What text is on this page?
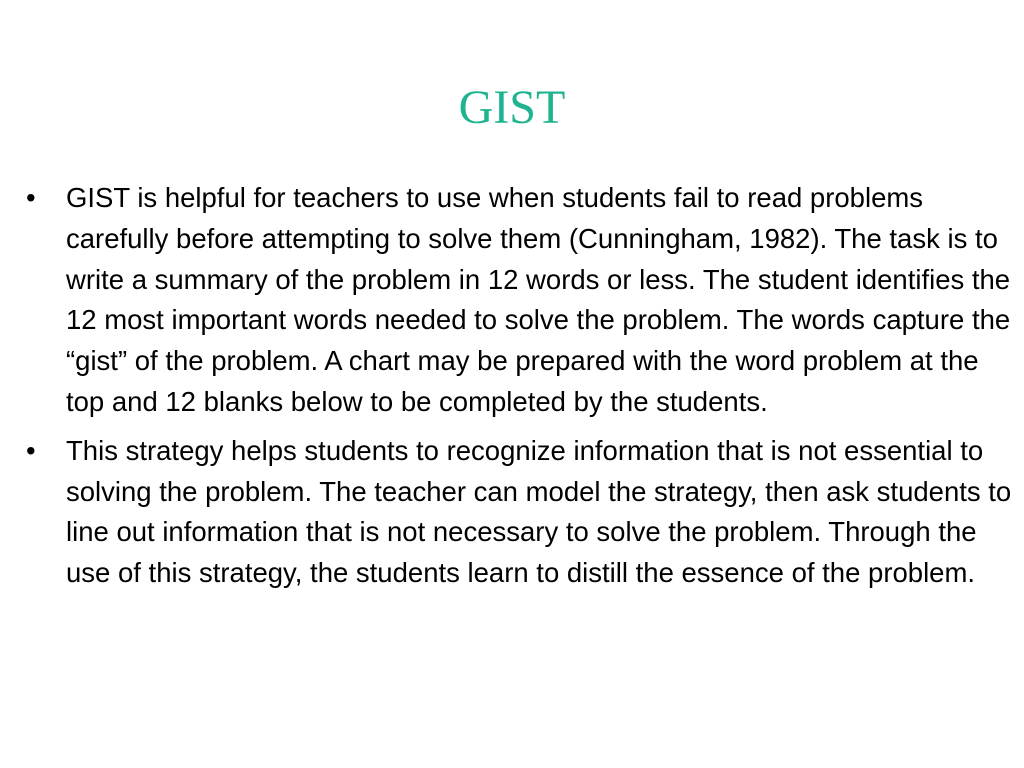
GIST
•	GIST is helpful for teachers to use when students fail to read problems carefully before attempting to solve them (Cunningham, 1982). The task is to write a summary of the problem in 12 words or less. The student identifies the 12 most important words needed to solve the problem. The words capture the “gist” of the problem. A chart may be prepared with the word problem at the top and 12 blanks below to be completed by the students.
•	This strategy helps students to recognize information that is not essential to solving the problem. The teacher can model the strategy, then ask students to line out information that is not necessary to solve the problem. Through the use of this strategy, the students learn to distill the essence of the problem.
